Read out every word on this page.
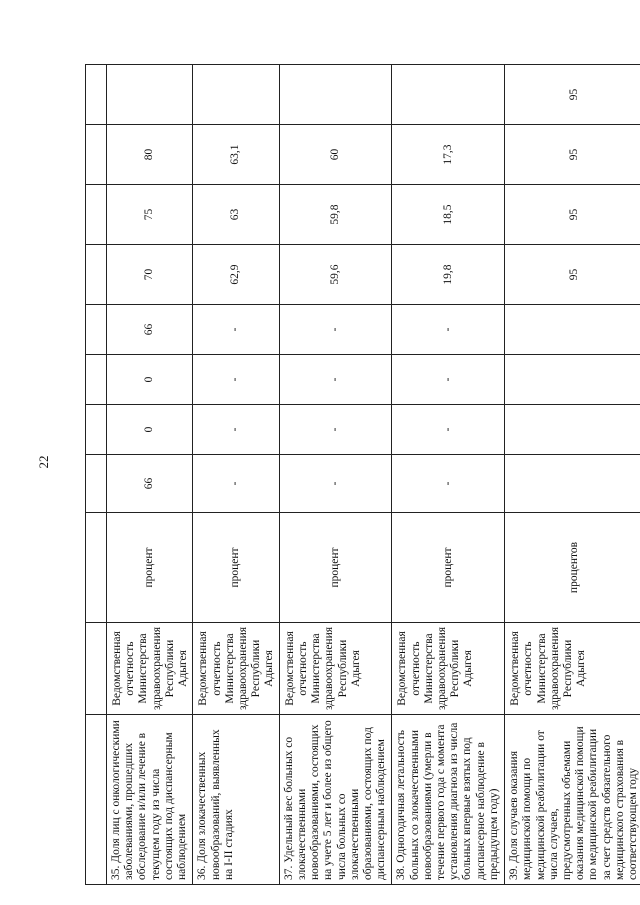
22

35. Доля лиц с онкологическими заболеваниями, прошедших обследование и/или лечение в текущем году из числа состоящих под диспансерным наблюдением	Ведомственная отчетность Министерства здравоохранения Республики Адыгея	процент	66	0	0	66	70	75	80	
36. Доля злокачественных новообразований, выявленных на I-II стадиях	Ведомственная отчетность Министерства здравоохранения Республики Адыгея	процент	-	-	-	-	62,9	63	63,1	
37. Удельный вес больных со злокачественными новообразованиями, состоящих на учете 5 лет и более из общего числа больных со злокачественными образованиями, состоящих под диспансерным наблюдением	Ведомственная отчетность Министерства здравоохранения Республики Адыгея	процент	-	-	-	-	59,6	59,8	60	
38. Одногодичная летальность больных со злокачественными новообразованиями (умерли в течение первого года с момента установления диагноза из числа больных впервые взятых под диспансерное наблюдение в предыдущем году)	Ведомственная отчетность Министерства здравоохранения Республики Адыгея	процент	-	-	-	-	19,8	18,5	17,3	
39. Доля случаев оказания медицинской помощи по медицинской реабилитации от числа случаев, предусмотренных объемами оказания медицинской помощи по медицинской реабилитации за счет средств обязательного медицинского страхования в соответствующем году	Ведомственная отчетность Министерства здравоохранения Республики Адыгея	процентов					95	95	95	95
